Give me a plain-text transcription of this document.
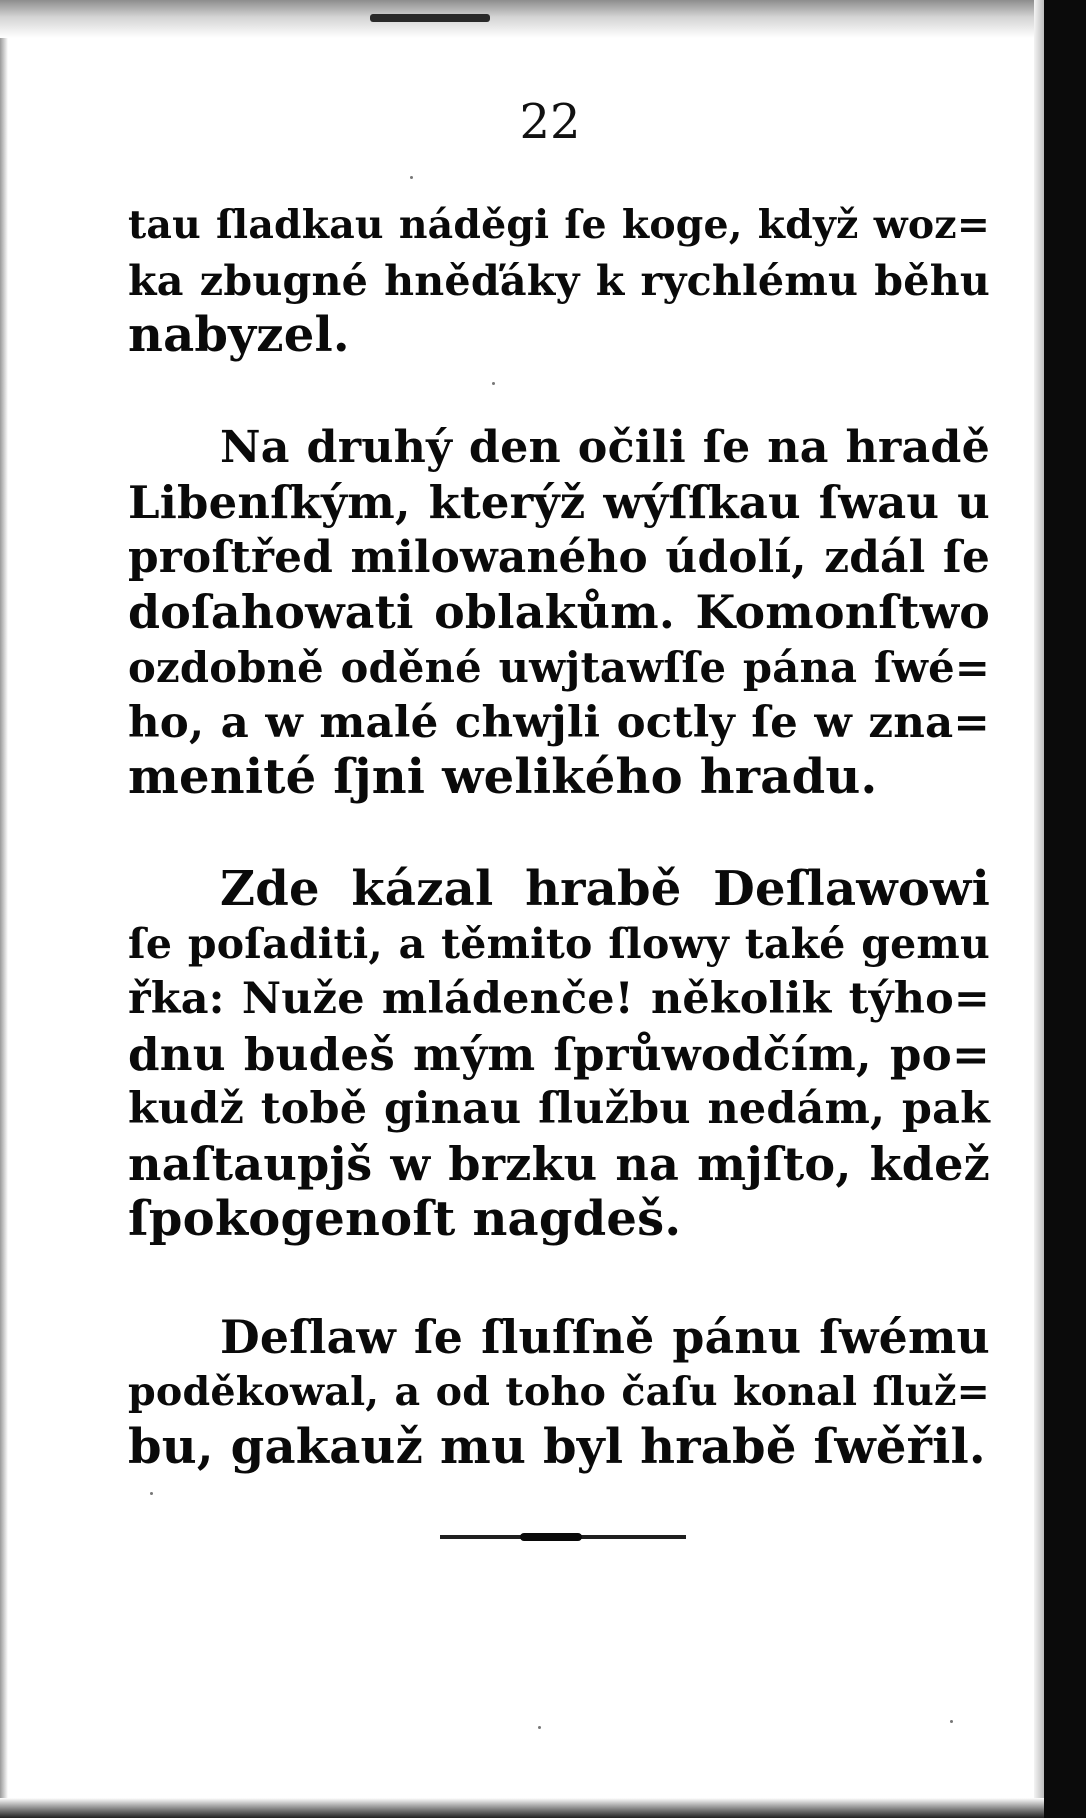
22
tau ſladkau náděgi ſe koge, když woz=
ka zbugné hněďáky k rychlému běhu
nabyzel.
Na druhý den očili ſe na hradě
Libenſkým, kterýž wýſſkau ſwau u
proſtřed milowaného údolí, zdál ſe
doſahowati oblakům. Komonſtwo
ozdobně oděné uwjtawſſe pána ſwé=
ho, a w malé chwjli octly ſe w zna=
menité ſjni welikého hradu.
Zde kázal hrabě Deſlawowi
ſe poſaditi, a těmito ſlowy také gemu
řka: Nuže mládenče! několik týho=
dnu budeš mým ſprůwodčím, po=
kudž tobě ginau ſlužbu nedám, pak
naſtaupjš w brzku na mjſto, kdež
ſpokogenoſt nagdeš.
Deſlaw ſe ſluſſně pánu ſwému
poděkowal, a od toho čaſu konal ſluž=
bu, gakauž mu byl hrabě ſwěřil.
